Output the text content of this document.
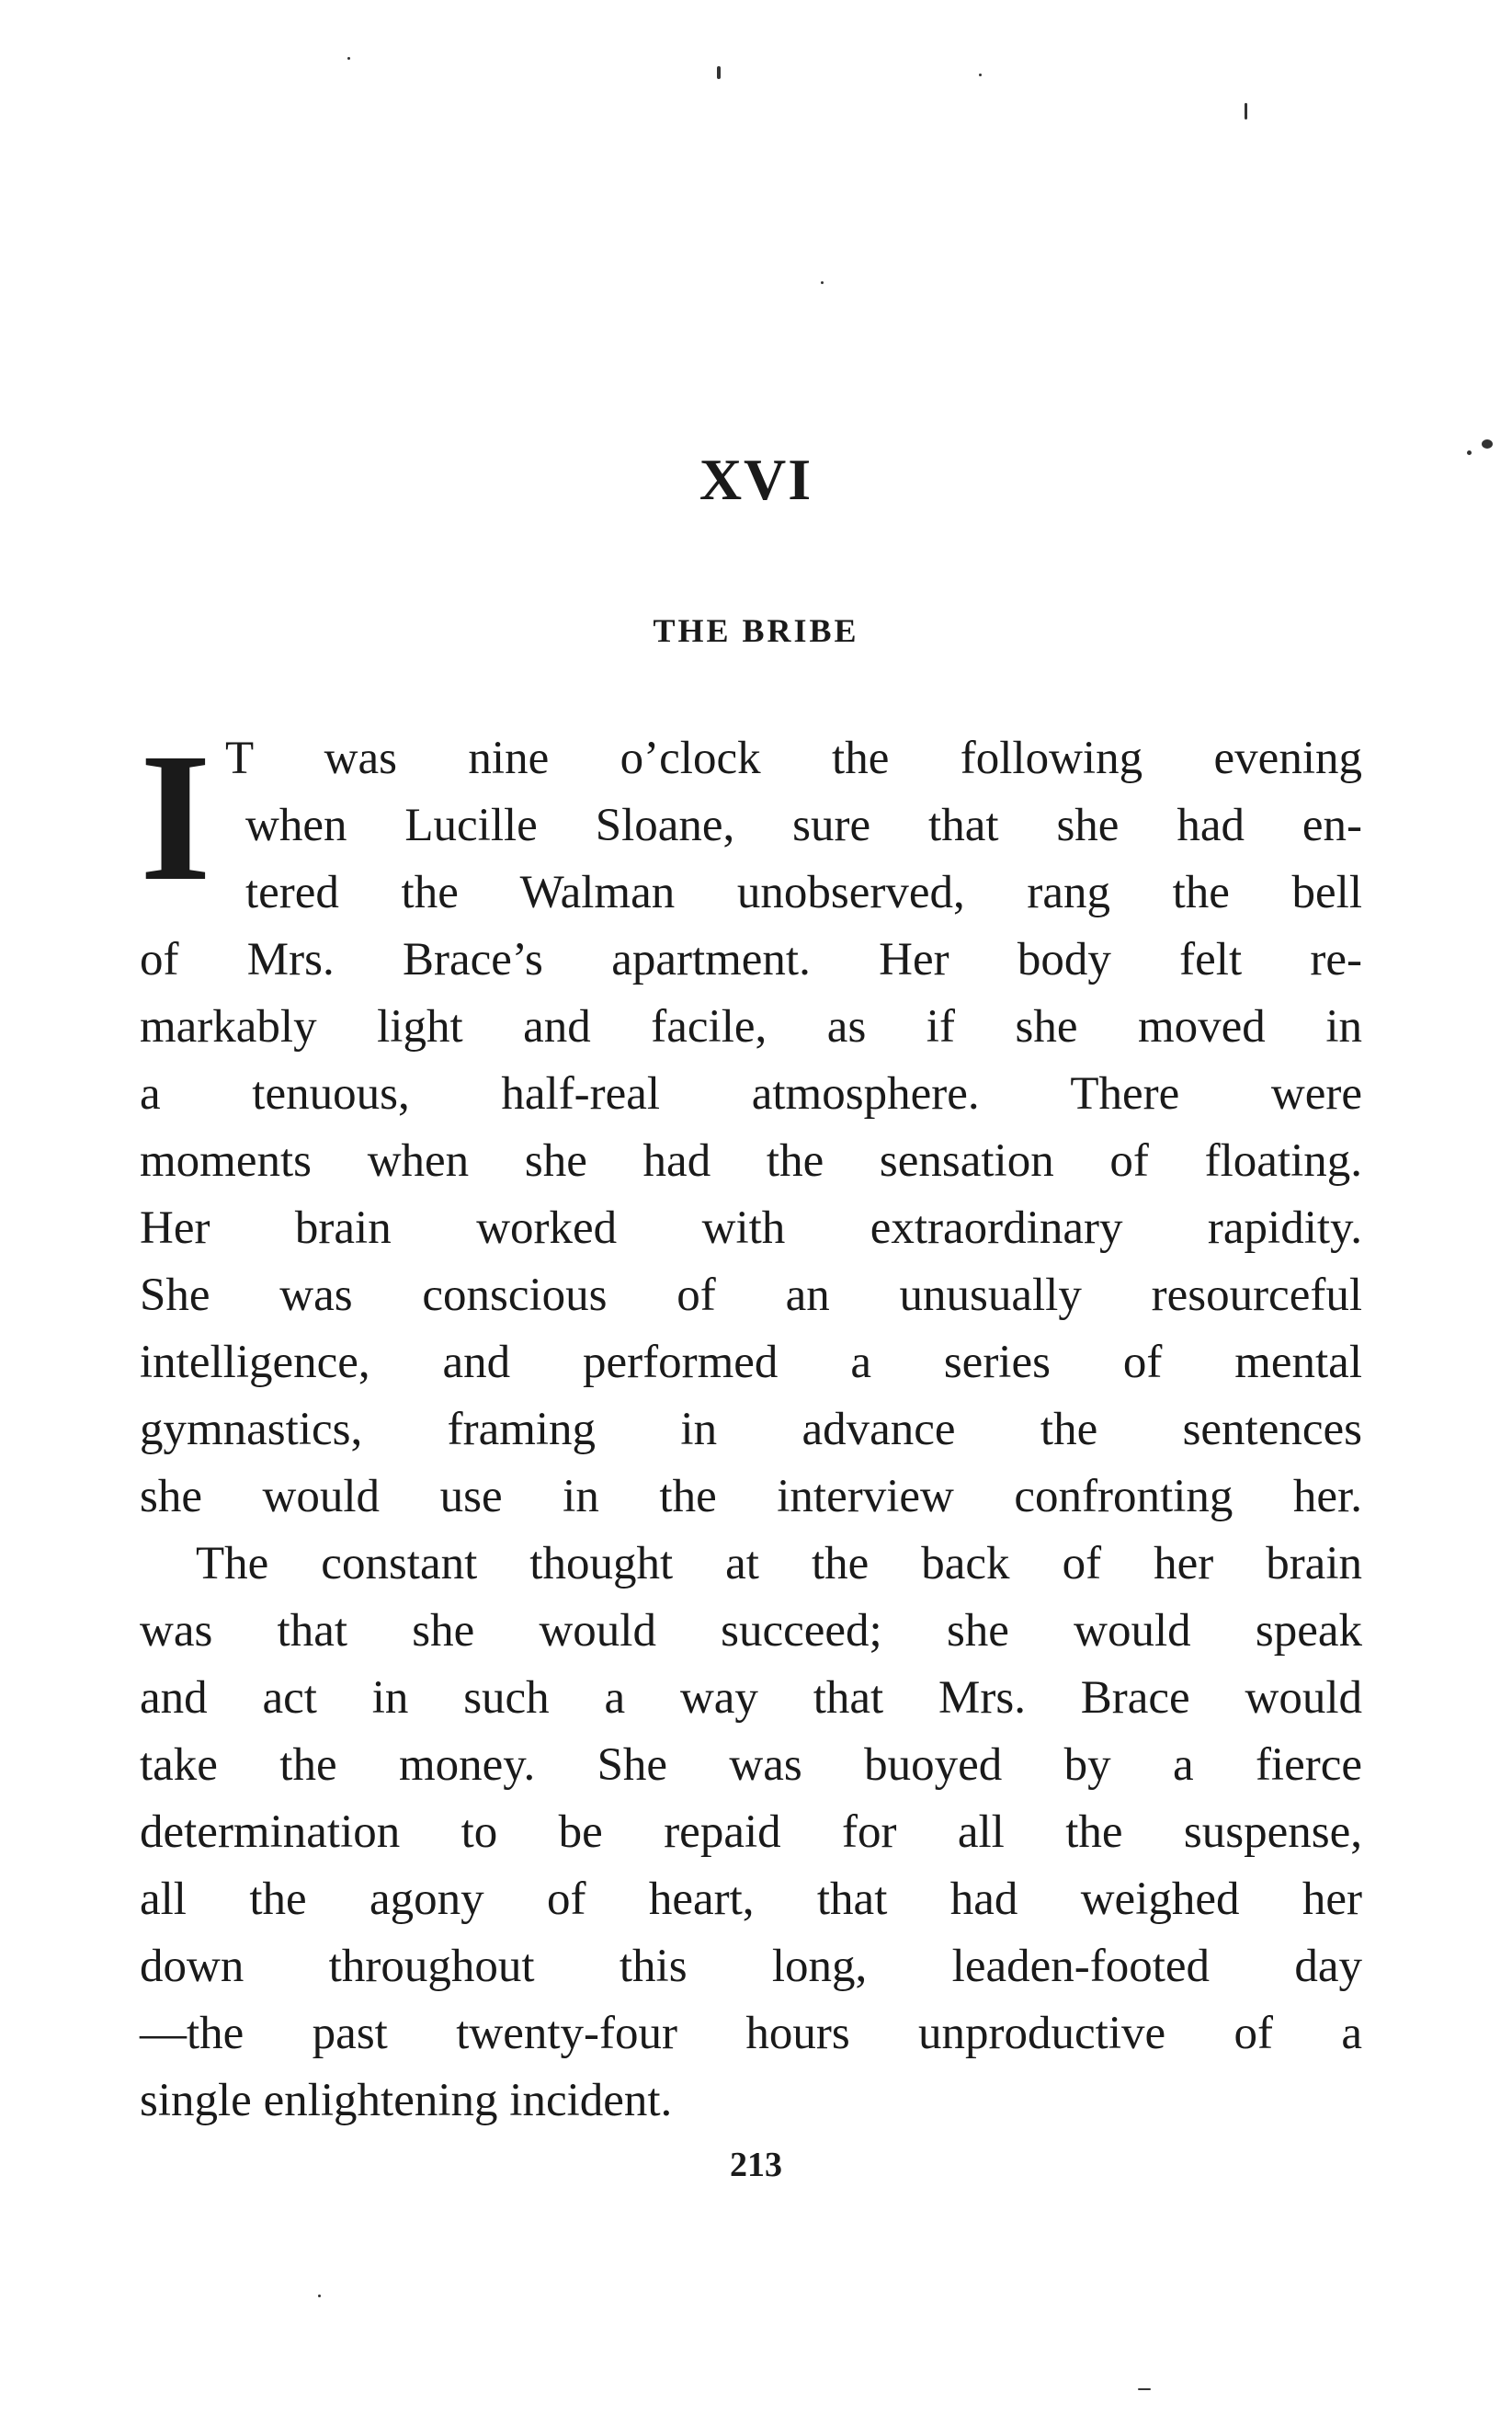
XVI
THE BRIBE
I T was nine o’clock the following evening
when Lucille Sloane, sure that she had en-
tered the Walman unobserved, rang the bell
of Mrs. Brace’s apartment. Her body felt re-
markably light and facile, as if she moved in
a tenuous, half-real atmosphere. There were
moments when she had the sensation of floating.
Her brain worked with extraordinary rapidity.
She was conscious of an unusually resourceful
intelligence, and performed a series of mental
gymnastics, framing in advance the sentences
she would use in the interview confronting her.
The constant thought at the back of her brain
was that she would succeed; she would speak
and act in such a way that Mrs. Brace would
take the money. She was buoyed by a fierce
determination to be repaid for all the suspense,
all the agony of heart, that had weighed her
down throughout this long, leaden-footed day
—the past twenty-four hours unproductive of a
single enlightening incident.
213
